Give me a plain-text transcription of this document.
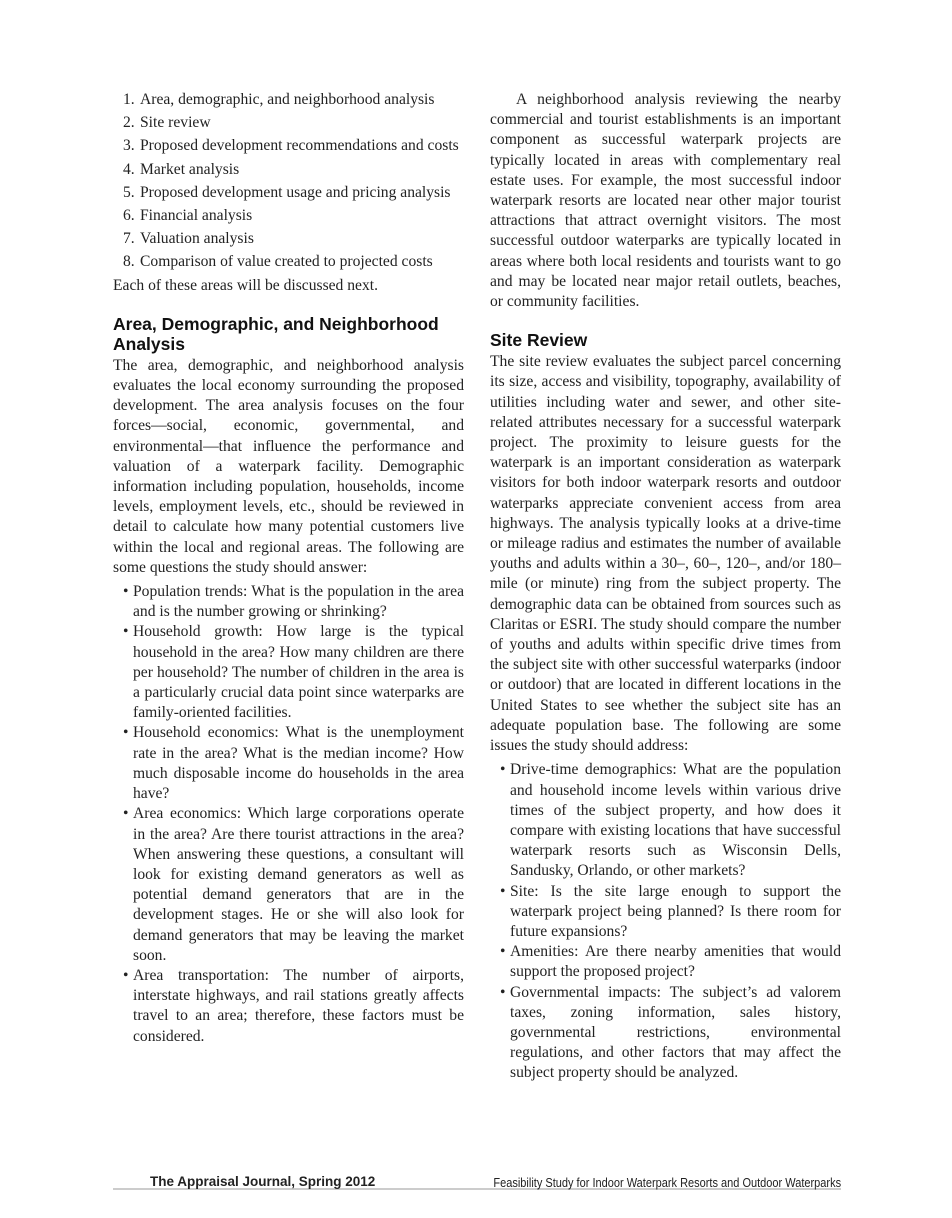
1. Area, demographic, and neighborhood analysis
2. Site review
3. Proposed development recommendations and costs
4. Market analysis
5. Proposed development usage and pricing analysis
6. Financial analysis
7. Valuation analysis
8. Comparison of value created to projected costs

Each of these areas will be discussed next.

Area, Demographic, and Neighborhood Analysis

The area, demographic, and neighborhood analysis evaluates the local economy surrounding the proposed development. The area analysis focuses on the four forces—social, economic, governmental, and environmental—that influence the performance and valuation of a waterpark facility. Demographic information including population, households, income levels, employment levels, etc., should be reviewed in detail to calculate how many potential customers live within the local and regional areas. The following are some questions the study should answer:

• Population trends: What is the population in the area and is the number growing or shrinking?
• Household growth: How large is the typical household in the area? How many children are there per household? The number of children in the area is a particularly crucial data point since waterparks are family-oriented facilities.
• Household economics: What is the unemployment rate in the area? What is the median income? How much disposable income do households in the area have?
• Area economics: Which large corporations operate in the area? Are there tourist attractions in the area? When answering these questions, a consultant will look for existing demand generators as well as potential demand generators that are in the development stages. He or she will also look for demand generators that may be leaving the market soon.
• Area transportation: The number of airports, interstate highways, and rail stations greatly affects travel to an area; therefore, these factors must be considered.

A neighborhood analysis reviewing the nearby commercial and tourist establishments is an important component as successful waterpark projects are typically located in areas with complementary real estate uses. For example, the most successful indoor waterpark resorts are located near other major tourist attractions that attract overnight visitors. The most successful outdoor waterparks are typically located in areas where both local residents and tourists want to go and may be located near major retail outlets, beaches, or community facilities.

Site Review

The site review evaluates the subject parcel concerning its size, access and visibility, topography, availability of utilities including water and sewer, and other site-related attributes necessary for a successful waterpark project. The proximity to leisure guests for the waterpark is an important consideration as waterpark visitors for both indoor waterpark resorts and outdoor waterparks appreciate convenient access from area highways. The analysis typically looks at a drive-time or mileage radius and estimates the number of available youths and adults within a 30–, 60–, 120–, and/or 180–mile (or minute) ring from the subject property. The demographic data can be obtained from sources such as Claritas or ESRI. The study should compare the number of youths and adults within specific drive times from the subject site with other successful waterparks (indoor or outdoor) that are located in different locations in the United States to see whether the subject site has an adequate population base. The following are some issues the study should address:

• Drive-time demographics: What are the population and household income levels within various drive times of the subject property, and how does it compare with existing locations that have successful waterpark resorts such as Wisconsin Dells, Sandusky, Orlando, or other markets?
• Site: Is the site large enough to support the waterpark project being planned? Is there room for future expansions?
• Amenities: Are there nearby amenities that would support the proposed project?
• Governmental impacts: The subject’s ad valorem taxes, zoning information, sales history, governmental restrictions, environmental regulations, and other factors that may affect the subject property should be analyzed.
The Appraisal Journal, Spring 2012	Feasibility Study for Indoor Waterpark Resorts and Outdoor Waterparks
